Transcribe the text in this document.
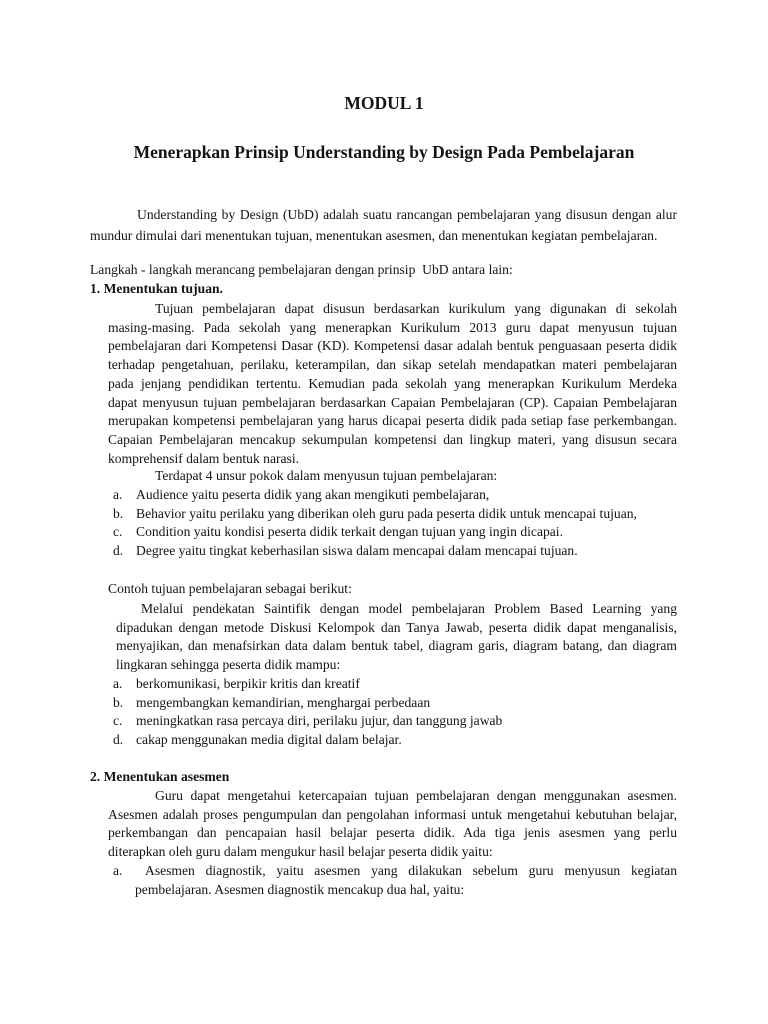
MODUL 1
Menerapkan Prinsip Understanding by Design Pada Pembelajaran
Understanding by Design (UbD) adalah suatu rancangan pembelajaran yang disusun dengan alur
mundur dimulai dari menentukan tujuan, menentukan asesmen, dan menentukan kegiatan pembelajaran.
Langkah - langkah merancang pembelajaran dengan prinsip  UbD antara lain:
1. Menentukan tujuan.
Tujuan pembelajaran dapat disusun berdasarkan kurikulum yang digunakan di sekolah
masing-masing. Pada sekolah yang menerapkan Kurikulum 2013 guru dapat menyusun tujuan
pembelajaran dari Kompetensi Dasar (KD). Kompetensi dasar adalah bentuk penguasaan peserta didik
terhadap pengetahuan, perilaku, keterampilan, dan sikap setelah mendapatkan materi pembelajaran
pada jenjang pendidikan tertentu. Kemudian pada sekolah yang menerapkan Kurikulum Merdeka
dapat menyusun tujuan pembelajaran berdasarkan Capaian Pembelajaran (CP). Capaian Pembelajaran
merupakan kompetensi pembelajaran yang harus dicapai peserta didik pada setiap fase perkembangan.
Capaian Pembelajaran mencakup sekumpulan kompetensi dan lingkup materi, yang disusun secara
komprehensif dalam bentuk narasi.
Terdapat 4 unsur pokok dalam menyusun tujuan pembelajaran:
a. Audience yaitu peserta didik yang akan mengikuti pembelajaran,
b. Behavior yaitu perilaku yang diberikan oleh guru pada peserta didik untuk mencapai tujuan,
c. Condition yaitu kondisi peserta didik terkait dengan tujuan yang ingin dicapai.
d. Degree yaitu tingkat keberhasilan siswa dalam mencapai dalam mencapai tujuan.
Contoh tujuan pembelajaran sebagai berikut:
Melalui pendekatan Saintifik dengan model pembelajaran Problem Based Learning yang
dipadukan dengan metode Diskusi Kelompok dan Tanya Jawab, peserta didik dapat menganalisis,
menyajikan, dan menafsirkan data dalam bentuk tabel, diagram garis, diagram batang, dan diagram
lingkaran sehingga peserta didik mampu:
a. berkomunikasi, berpikir kritis dan kreatif
b. mengembangkan kemandirian, menghargai perbedaan
c. meningkatkan rasa percaya diri, perilaku jujur, dan tanggung jawab
d. cakap menggunakan media digital dalam belajar.
2. Menentukan asesmen
Guru dapat mengetahui ketercapaian tujuan pembelajaran dengan menggunakan asesmen.
Asesmen adalah proses pengumpulan dan pengolahan informasi untuk mengetahui kebutuhan belajar,
perkembangan dan pencapaian hasil belajar peserta didik. Ada tiga jenis asesmen yang perlu
diterapkan oleh guru dalam mengukur hasil belajar peserta didik yaitu:
a.	Asesmen diagnostik, yaitu asesmen yang dilakukan sebelum guru menyusun kegiatan
pembelajaran. Asesmen diagnostik mencakup dua hal, yaitu:
